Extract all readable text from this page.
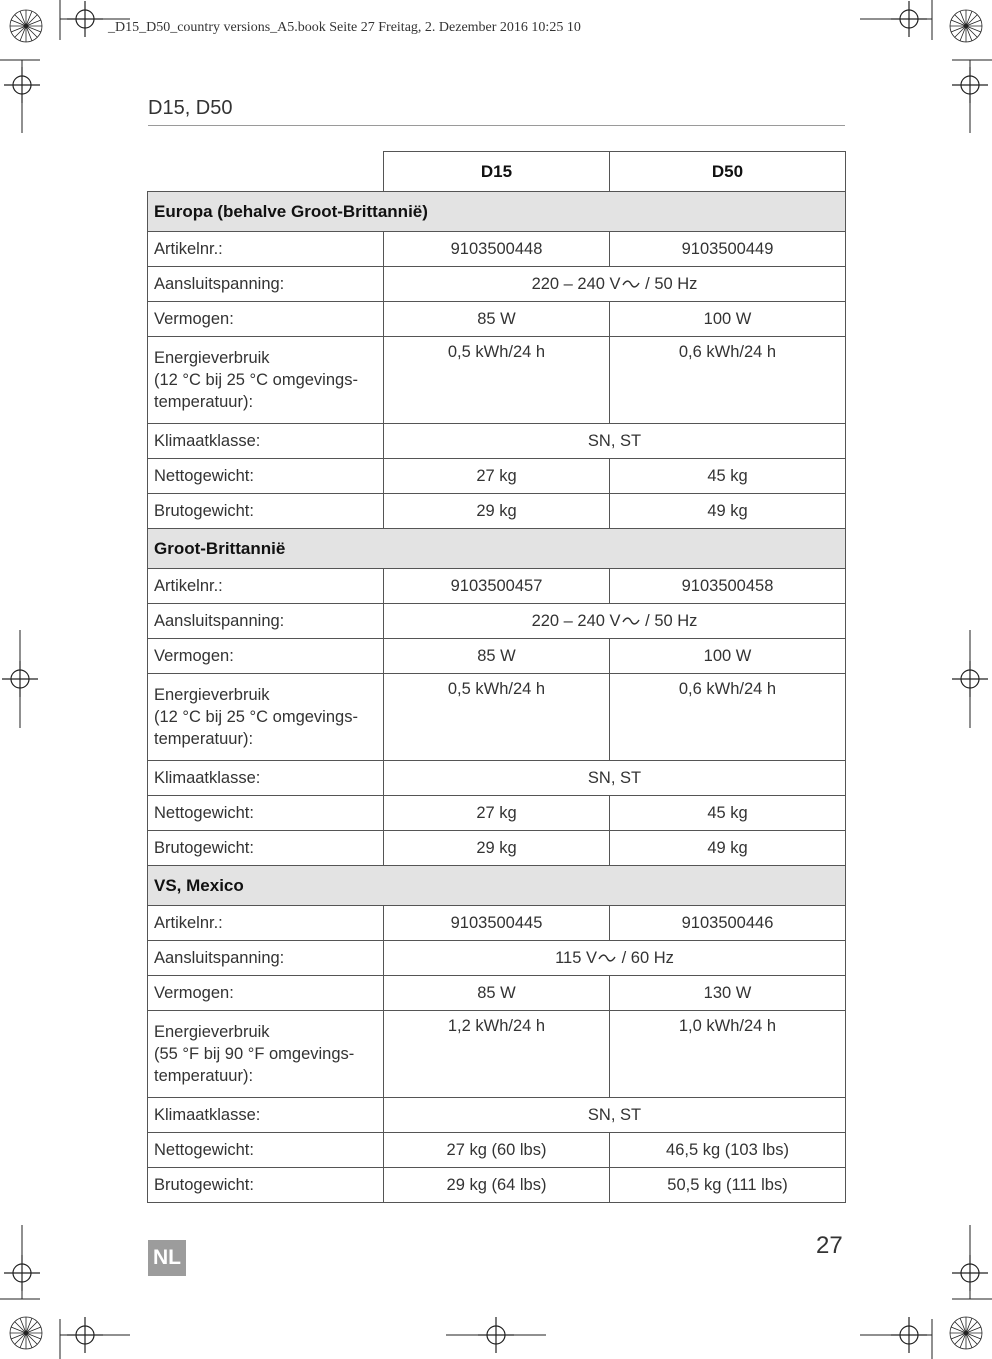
_D15_D50_country versions_A5.book Seite 27 Freitag, 2. Dezember 2016 10:25 10
D15, D50
	D15	D50
Europa (behalve Groot-Brittannië)		
Artikelnr.:	9103500448	9103500449
Aansluitspanning:	220 – 240 V / 50 Hz	
Vermogen:	85 W	100 W

Energieverbruik
(12 °C bij 25 °C omgevings-
temperatuur):	0,5 kWh/24 h	0,6 kWh/24 h
Klimaatklasse:	SN, ST	
Nettogewicht:	27 kg	45 kg
Brutogewicht:	29 kg	49 kg
Groot-Brittannië		
Artikelnr.:	9103500457	9103500458
Aansluitspanning:	220 – 240 V / 50 Hz	
Vermogen:	85 W	100 W

Energieverbruik
(12 °C bij 25 °C omgevings-
temperatuur):	0,5 kWh/24 h	0,6 kWh/24 h
Klimaatklasse:	SN, ST	
Nettogewicht:	27 kg	45 kg
Brutogewicht:	29 kg	49 kg
VS, Mexico		
Artikelnr.:	9103500445	9103500446
Aansluitspanning:	115 V / 60 Hz	
Vermogen:	85 W	130 W

Energieverbruik
(55 °F bij 90 °F omgevings-
temperatuur):	1,2 kWh/24 h	1,0 kWh/24 h
Klimaatklasse:	SN, ST	
Nettogewicht:	27 kg (60 lbs)	46,5 kg (103 lbs)
Brutogewicht:	29 kg (64 lbs)	50,5 kg (111 lbs)
27
NL
